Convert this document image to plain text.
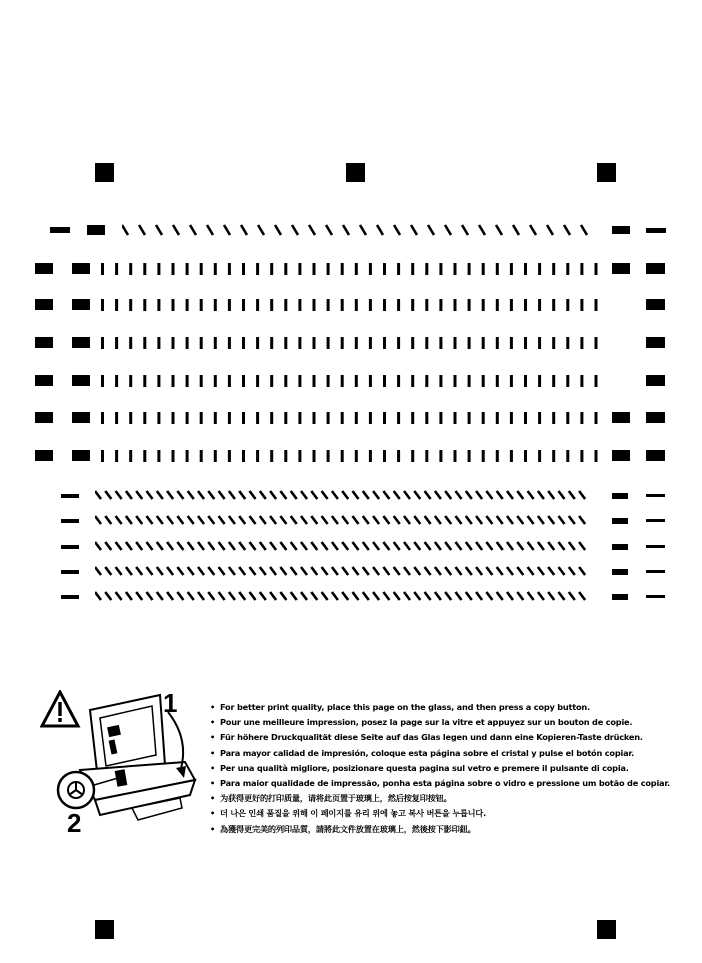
1
2
• For better print quality, place this page on the glass, and then press a copy button.
• Pour une meilleure impression, posez la page sur la vitre et appuyez sur un bouton de copie.
• Für höhere Druckqualität diese Seite auf das Glas legen und dann eine Kopieren-Taste drücken.
• Para mayor calidad de impresión, coloque esta página sobre el cristal y pulse el botón copiar.
• Per una qualità migliore, posizionare questa pagina sul vetro e premere il pulsante di copia.
• Para maior qualidade de impressão, ponha esta página sobre o vidro e pressione um botão de copiar.
• 为获得更好的打印质量，请将此页置于玻璃上，然后按复印按钮。
• 더 나은 인쇄 품질을 위해 이 페이지를 유리 위에 놓고 복사 버튼을 누릅니다.
• 為獲得更完美的列印品質，請將此文件放置在玻璃上，然後按下影印鈕。
